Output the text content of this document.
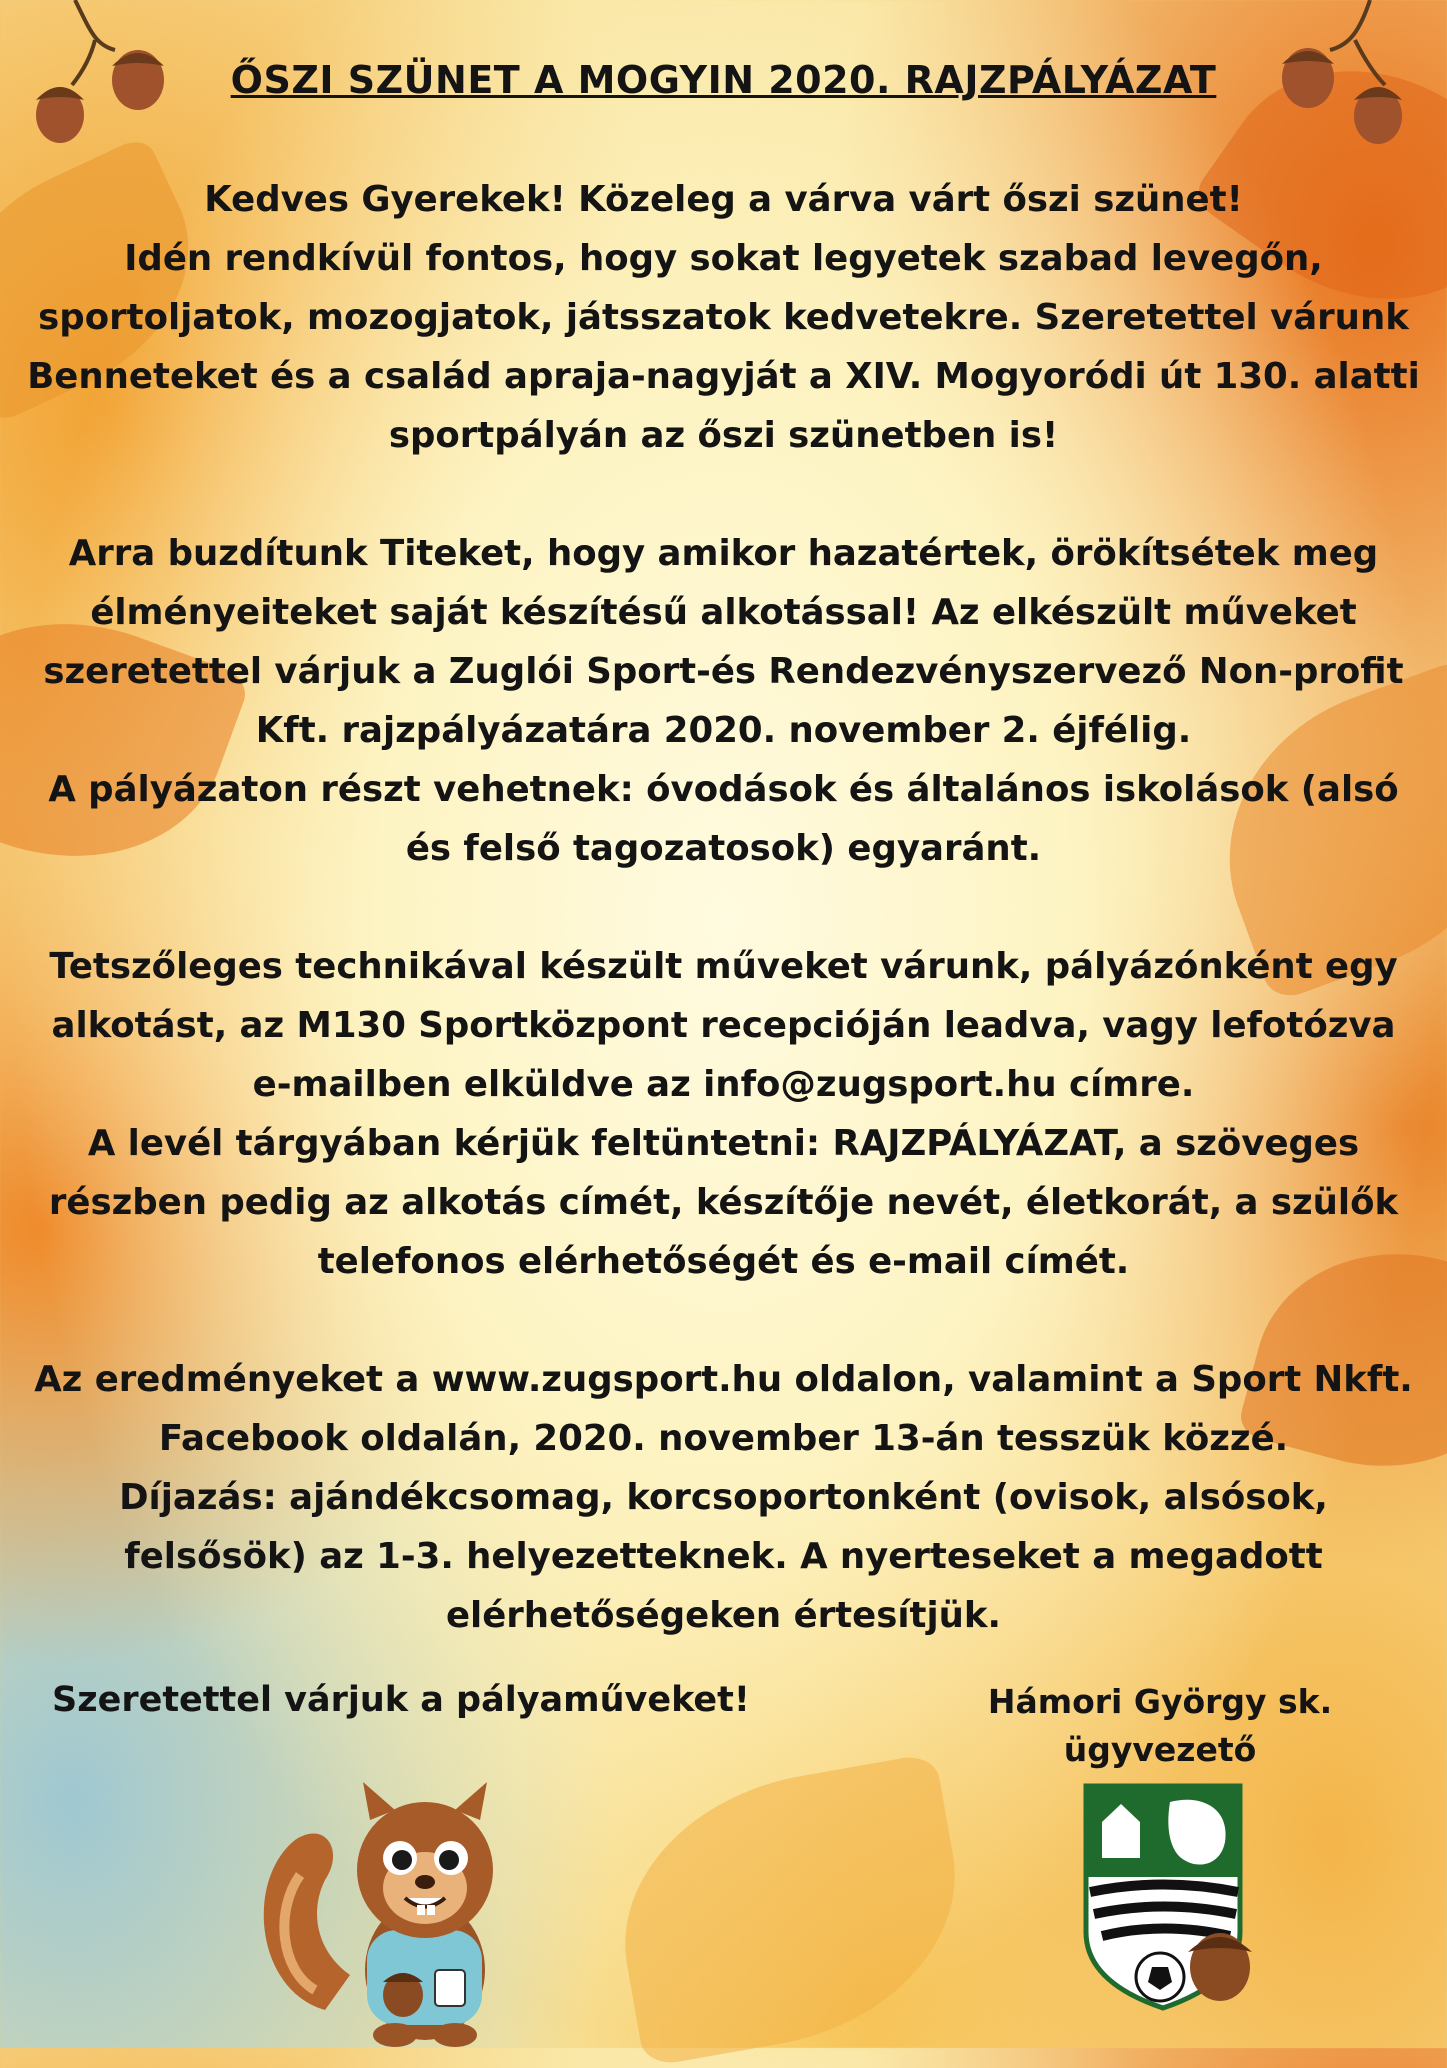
ŐSZI SZÜNET A MOGYIN 2020. RAJZPÁLYÁZAT

Kedves Gyerekek! Közeleg a várva várt őszi szünet!

Idén rendkívül fontos, hogy sokat legyetek szabad levegőn,

sportoljatok, mozogjatok, játsszatok kedvetekre. Szeretettel várunk

Benneteket és a család apraja-nagyját a XIV. Mogyoródi út 130. alatti

sportpályán az őszi szünetben is!

Arra buzdítunk Titeket, hogy amikor hazatértek, örökítsétek meg

élményeiteket saját készítésű alkotással! Az elkészült műveket

szeretettel várjuk a Zuglói Sport-és Rendezvényszervező Non-profit

Kft. rajzpályázatára 2020. november 2. éjfélig.

A pályázaton részt vehetnek: óvodások és általános iskolások (alsó

és felső tagozatosok) egyaránt.

Tetszőleges technikával készült műveket várunk, pályázónként egy

alkotást, az M130 Sportközpont recepcióján leadva, vagy lefotózva

e-mailben elküldve az info@zugsport.hu címre.

A levél tárgyában kérjük feltüntetni: RAJZPÁLYÁZAT, a szöveges

részben pedig az alkotás címét, készítője nevét, életkorát, a szülők

telefonos elérhetőségét és e-mail címét.

Az eredményeket a www.zugsport.hu oldalon, valamint a Sport Nkft.

Facebook oldalán, 2020. november 13-án tesszük közzé.

Díjazás: ajándékcsomag, korcsoportonként (ovisok, alsósok,

felsősök) az 1-3. helyezetteknek. A nyerteseket a megadott

elérhetőségeken értesítjük.

Szeretettel várjuk a pályaműveket!	Hámori György sk.
ügyvezető
